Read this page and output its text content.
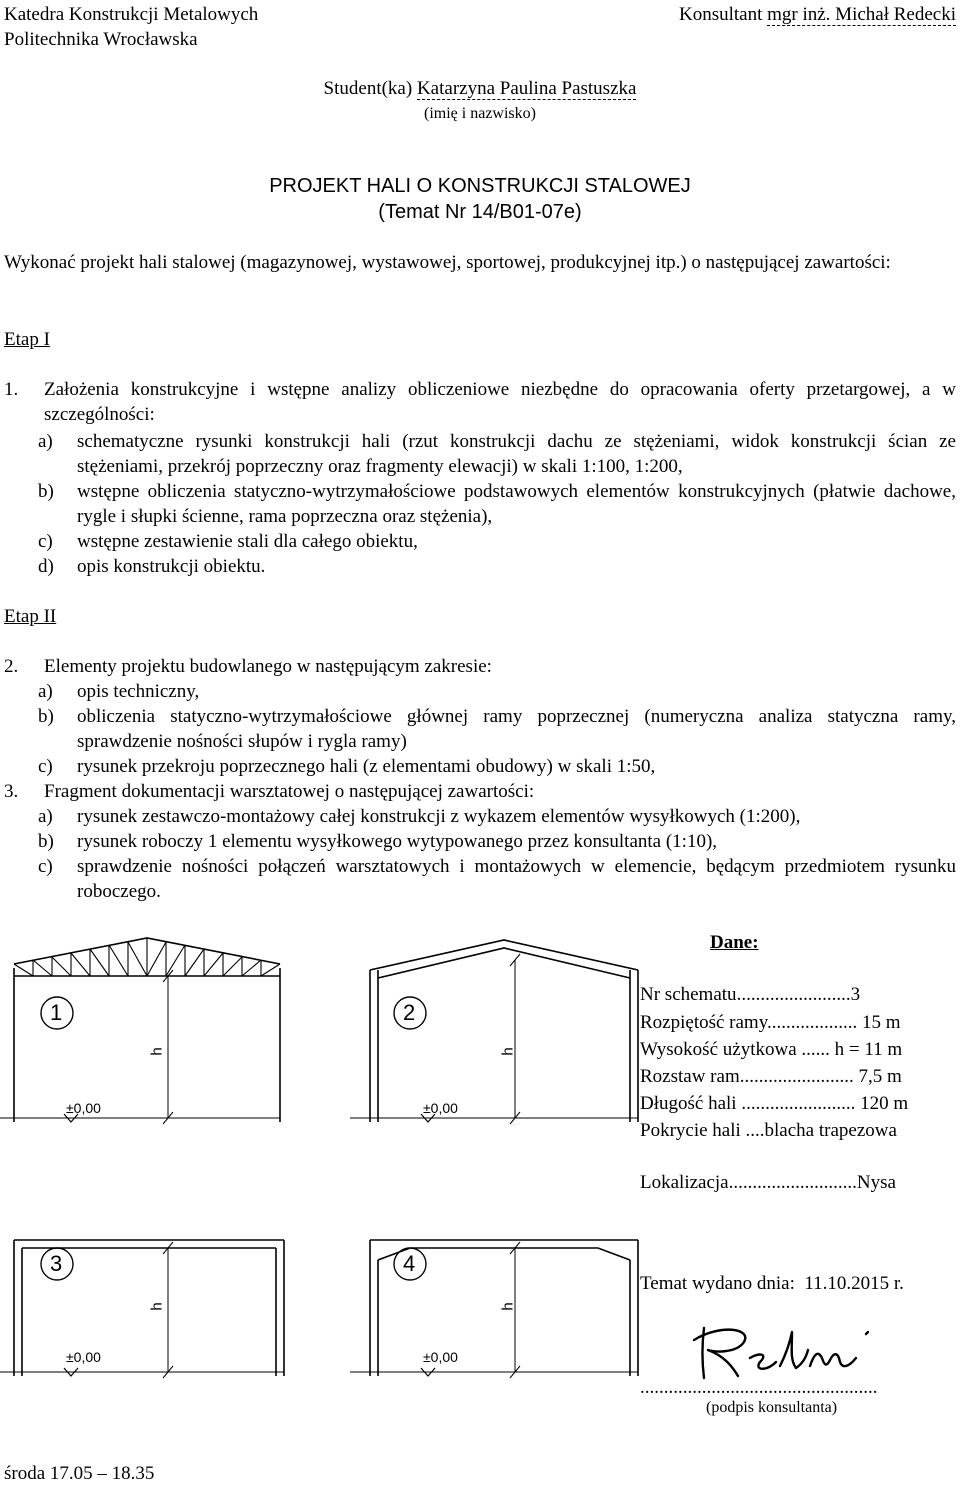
Katedra Konstrukcji Metalowych
Politechnika Wrocławska
Konsultant mgr inż. Michał Redecki
Student(ka) Katarzyna Paulina Pastuszka
(imię i nazwisko)
PROJEKT HALI O KONSTRUKCJI STALOWEJ
(Temat Nr 14/B01-07e)
Wykonać projekt hali stalowej (magazynowej, wystawowej, sportowej, produkcyjnej itp.) o następującej zawartości:
Etap I
1.	Założenia konstrukcyjne i wstępne analizy obliczeniowe niezbędne do opracowania oferty przetargowej, a w szczególności:
a)	schematyczne rysunki konstrukcji hali (rzut konstrukcji dachu ze stężeniami, widok konstrukcji ścian ze stężeniami, przekrój poprzeczny oraz fragmenty elewacji) w skali 1:100, 1:200,
b)	wstępne obliczenia statyczno-wytrzymałościowe podstawowych elementów konstrukcyjnych (płatwie dachowe, rygle i słupki ścienne, rama poprzeczna oraz stężenia),
c)	wstępne zestawienie stali dla całego obiektu,
d)	opis konstrukcji obiektu.
Etap II
2.	Elementy projektu budowlanego w następującym zakresie:
a)	opis techniczny,
b)	obliczenia statyczno-wytrzymałościowe głównej ramy poprzecznej (numeryczna analiza statyczna ramy, sprawdzenie nośności słupów i rygla ramy)
c)	rysunek przekroju poprzecznego hali (z elementami obudowy) w skali 1:50,
3.	Fragment dokumentacji warsztatowej o następującej zawartości:
a)	rysunek zestawczo-montażowy całej konstrukcji z wykazem elementów wysyłkowych (1:200),
b)	rysunek roboczy 1 elementu wysyłkowego wytypowanego przez konsultanta (1:10),
c)	sprawdzenie nośności połączeń warsztatowych i montażowych w elemencie, będącym przedmiotem rysunku roboczego.
1
h
±0,00
2
h
±0,00
3
h
±0,00
4
h
±0,00
Dane:
Nr schematu........................3
Rozpiętość ramy................... 15 m
Wysokość użytkowa ...... h = 11 m
Rozstaw ram........................ 7,5 m
Długość hali ........................ 120 m
Pokrycie hali ....blacha trapezowa
Lokalizacja...........................Nysa
Temat wydano dnia: 11.10.2015 r.
..................................................
(podpis konsultanta)
środa 17.05 – 18.35
